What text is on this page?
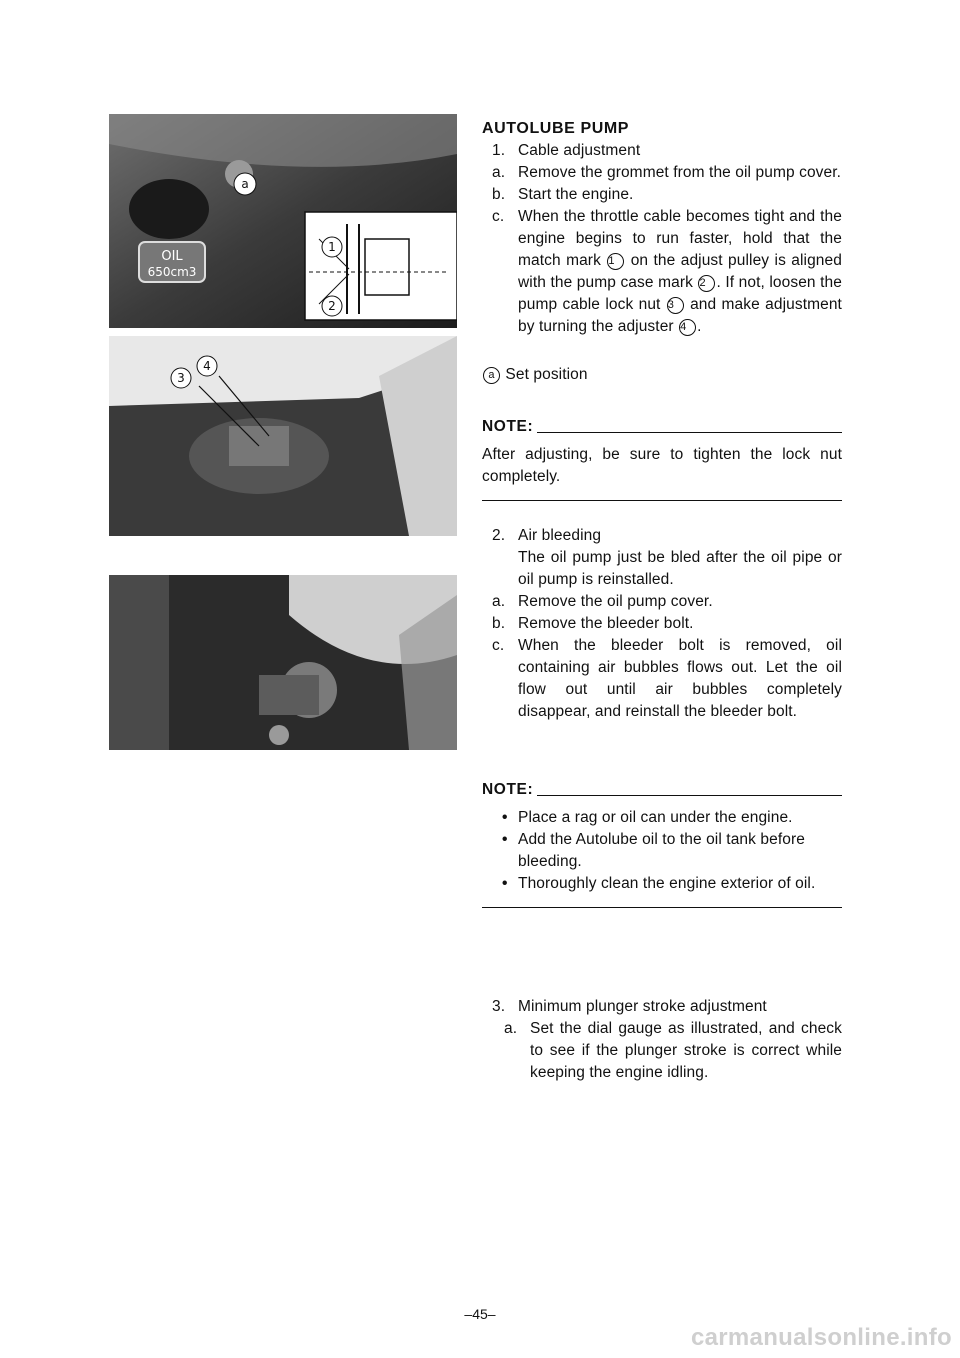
a
1
2
OIL
650cm3
3
4
AUTOLUBE PUMP
1. Cable adjustment
a. Remove the grommet from the oil pump cover.
b. Start the engine.
c. When the throttle cable becomes tight and the engine begins to run faster, hold that the match mark 1 on the adjust pulley is aligned with the pump case mark 2 . If not, loosen the pump cable lock nut 3 and make adjustment by turning the adjuster 4 .
a Set position
NOTE:
After adjusting, be sure to tighten the lock nut completely.
2. Air bleeding
The oil pump just be bled after the oil pipe or oil pump is reinstalled.
a. Remove the oil pump cover.
b. Remove the bleeder bolt.
c. When the bleeder bolt is removed, oil containing air bubbles flows out. Let the oil flow out until air bubbles completely disappear, and reinstall the bleeder bolt.
NOTE:
• Place a rag or oil can under the engine.
• Add the Autolube oil to the oil tank before bleeding.
• Thoroughly clean the engine exterior of oil.
3. Minimum plunger stroke adjustment
a. Set the dial gauge as illustrated, and check to see if the plunger stroke is correct while keeping the engine idling.
–45–
carmanualsonline.info
